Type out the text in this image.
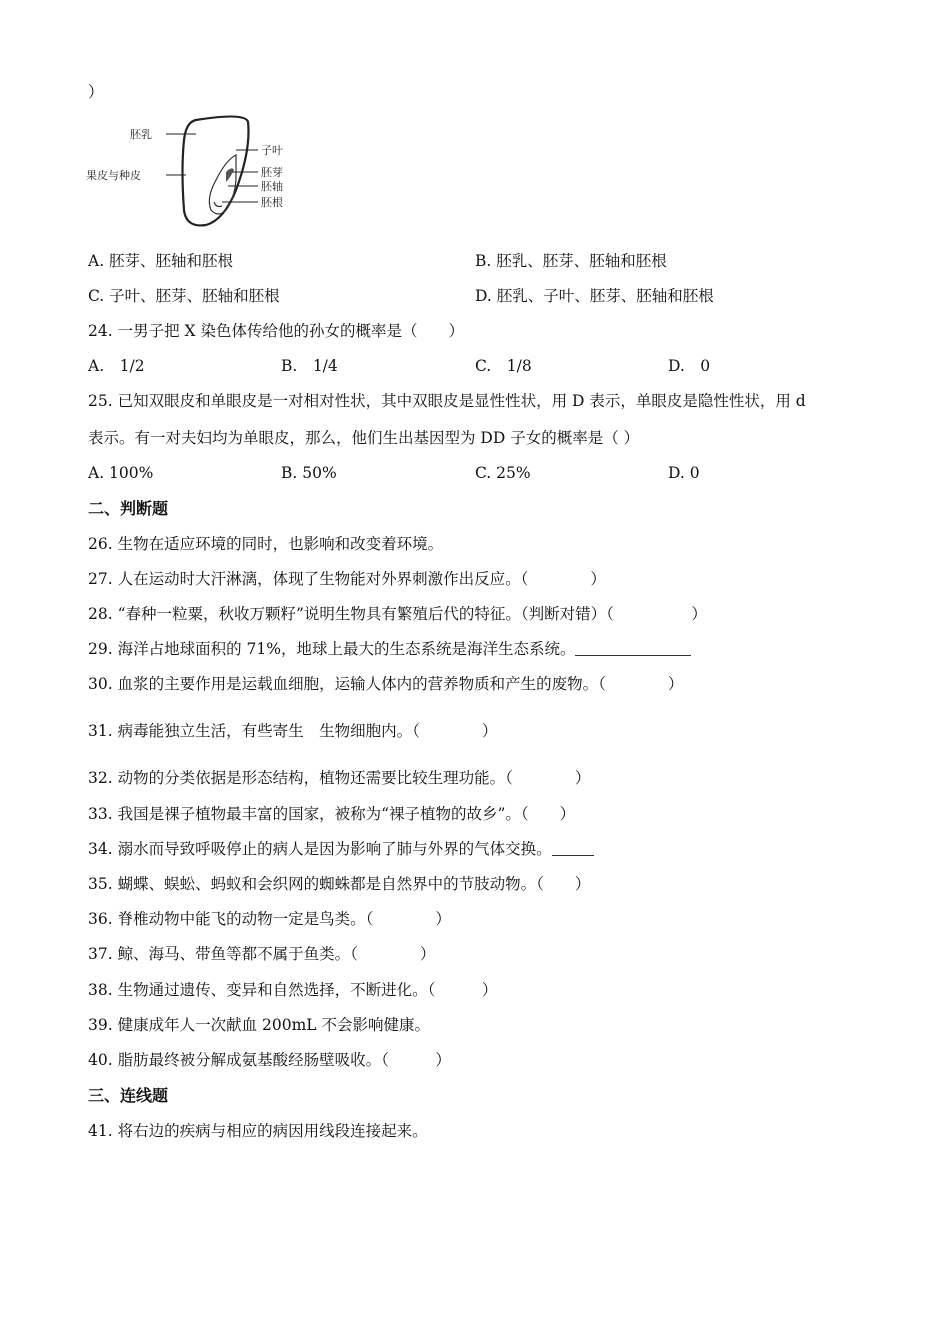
）
胚乳
果皮与种皮
子叶
胚芽
胚轴
胚根
A. 胚芽、胚轴和胚根	B. 胚乳、胚芽、胚轴和胚根
C. 子叶、胚芽、胚轴和胚根	D. 胚乳、子叶、胚芽、胚轴和胚根
24. 一男子把 X 染色体传给他的孙女的概率是（　　）
A.　1/2	B.　1/4	C.　1/8	D.　0
25. 已知双眼皮和单眼皮是一对相对性状，其中双眼皮是显性性状，用 D 表示，单眼皮是隐性性状，用 d
表示。有一对夫妇均为单眼皮，那么，他们生出基因型为 DD 子女的概率是（ ）
A. 100%	B. 50%	C. 25%	D. 0
二、判断题
26. 生物在适应环境的同时，也影响和改变着环境。
27. 人在运动时大汗淋漓，体现了生物能对外界刺激作出反应。（　　　　）
28. “春种一粒粟，秋收万颗籽”说明生物具有繁殖后代的特征。（判断对错）（　　　　　）
29. 海洋占地球面积的 71%，地球上最大的生态系统是海洋生态系统。
30. 血浆的主要作用是运载血细胞，运输人体内的营养物质和产生的废物。（　　　　）
31. 病毒能独立生活，有些寄生　生物细胞内。（　　　　）
32. 动物的分类依据是形态结构，植物还需要比较生理功能。（　　　　）
33. 我国是裸子植物最丰富的国家，被称为“裸子植物的故乡”。（　　）
34. 溺水而导致呼吸停止的病人是因为影响了肺与外界的气体交换。
35. 蝴蝶、蜈蚣、蚂蚁和会织网的蜘蛛都是自然界中的节肢动物。（　　）
36. 脊椎动物中能飞的动物一定是鸟类。（　　　　）
37. 鲸、海马、带鱼等都不属于鱼类。（　　　　）
38. 生物通过遗传、变异和自然选择，不断进化。（　　　）
39. 健康成年人一次献血 200mL 不会影响健康。
40. 脂肪最终被分解成氨基酸经肠壁吸收。（　　　）
三、连线题
41. 将右边的疾病与相应的病因用线段连接起来。
